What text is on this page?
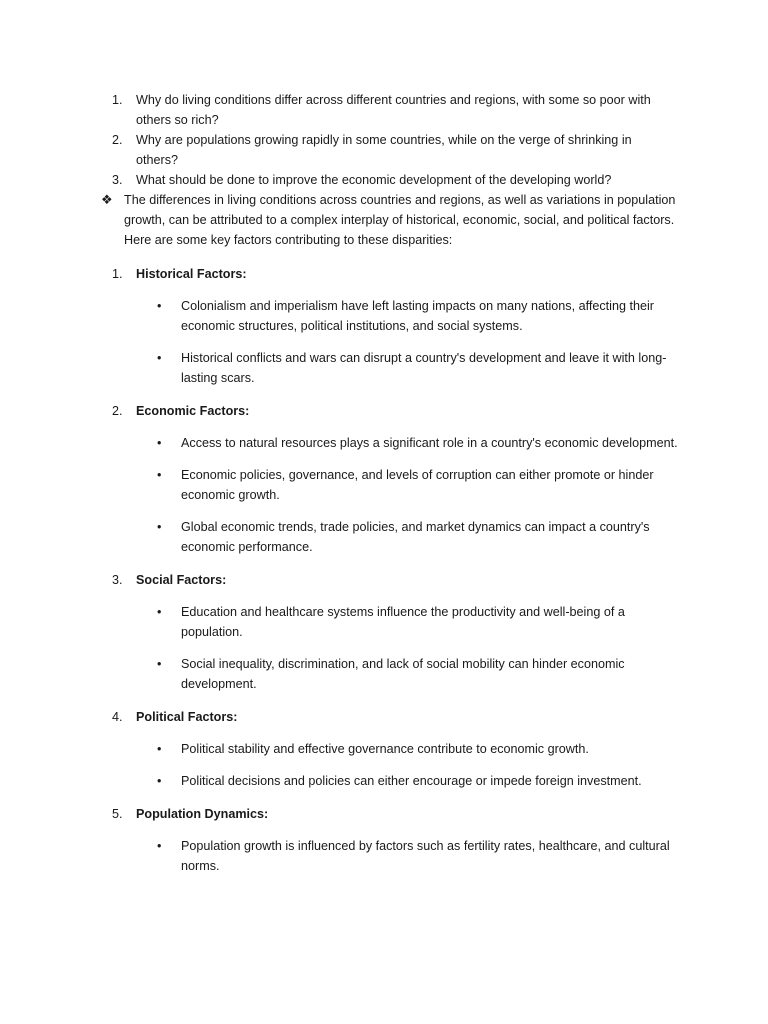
1. Why do living conditions differ across different countries and regions, with some so poor with others so rich?
2. Why are populations growing rapidly in some countries, while on the verge of shrinking in others?
3. What should be done to improve the economic development of the developing world?
❖ The differences in living conditions across countries and regions, as well as variations in population growth, can be attributed to a complex interplay of historical, economic, social, and political factors. Here are some key factors contributing to these disparities:
1. Historical Factors:
• Colonialism and imperialism have left lasting impacts on many nations, affecting their economic structures, political institutions, and social systems.
• Historical conflicts and wars can disrupt a country's development and leave it with long-lasting scars.
2. Economic Factors:
• Access to natural resources plays a significant role in a country's economic development.
• Economic policies, governance, and levels of corruption can either promote or hinder economic growth.
• Global economic trends, trade policies, and market dynamics can impact a country's economic performance.
3. Social Factors:
• Education and healthcare systems influence the productivity and well-being of a population.
• Social inequality, discrimination, and lack of social mobility can hinder economic development.
4. Political Factors:
• Political stability and effective governance contribute to economic growth.
• Political decisions and policies can either encourage or impede foreign investment.
5. Population Dynamics:
• Population growth is influenced by factors such as fertility rates, healthcare, and cultural norms.
